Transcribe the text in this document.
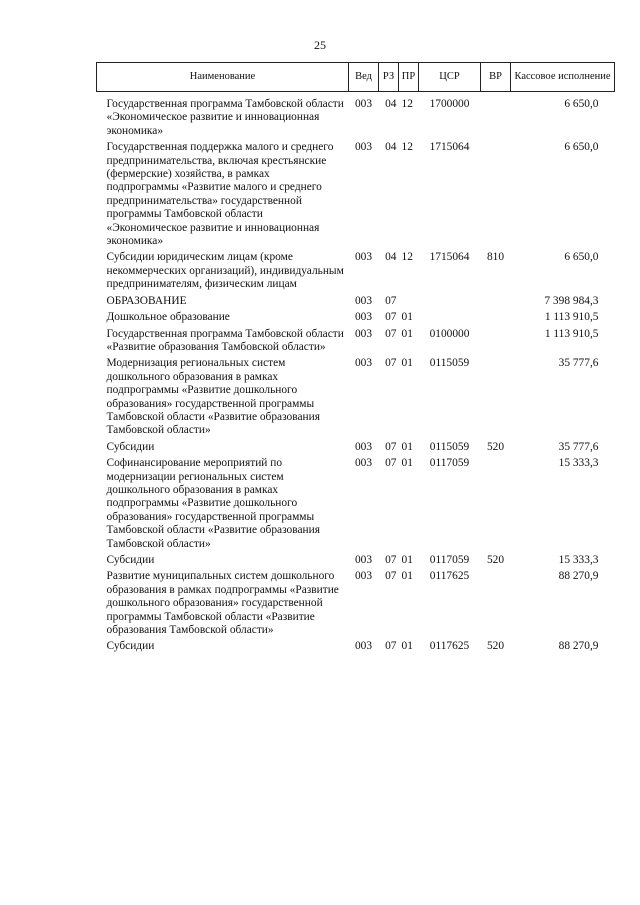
25
Наименование	Вед	РЗ	ПР	ЦСР	ВР	Кассовое исполнение
Государственная программа Тамбовской области «Экономическое развитие и инновационная экономика»	003	04	12	1700000		6 650,0
Государственная поддержка малого и среднего предпринимательства, включая крестьянские (фермерские) хозяйства, в рамках подпрограммы «Развитие малого и среднего предпринимательства» государственной программы Тамбовской области «Экономическое развитие и инновационная экономика»	003	04	12	1715064		6 650,0
Субсидии юридическим лицам (кроме некоммерческих организаций), индивидуальным предпринимателям, физическим лицам	003	04	12	1715064	810	6 650,0
ОБРАЗОВАНИЕ	003	07				7 398 984,3
Дошкольное образование	003	07	01			1 113 910,5
Государственная программа Тамбовской области «Развитие образования Тамбовской области»	003	07	01	0100000		1 113 910,5
Модернизация региональных систем дошкольного образования в рамках подпрограммы «Развитие дошкольного образования» государственной программы Тамбовской области «Развитие образования Тамбовской области»	003	07	01	0115059		35 777,6
Субсидии	003	07	01	0115059	520	35 777,6
Софинансирование мероприятий по модернизации региональных систем дошкольного образования в рамках подпрограммы «Развитие дошкольного образования» государственной программы Тамбовской области «Развитие образования Тамбовской области»	003	07	01	0117059		15 333,3
Субсидии	003	07	01	0117059	520	15 333,3
Развитие муниципальных систем дошкольного образования в рамках подпрограммы «Развитие дошкольного образования» государственной программы Тамбовской области «Развитие образования Тамбовской области»	003	07	01	0117625		88 270,9
Субсидии	003	07	01	0117625	520	88 270,9
